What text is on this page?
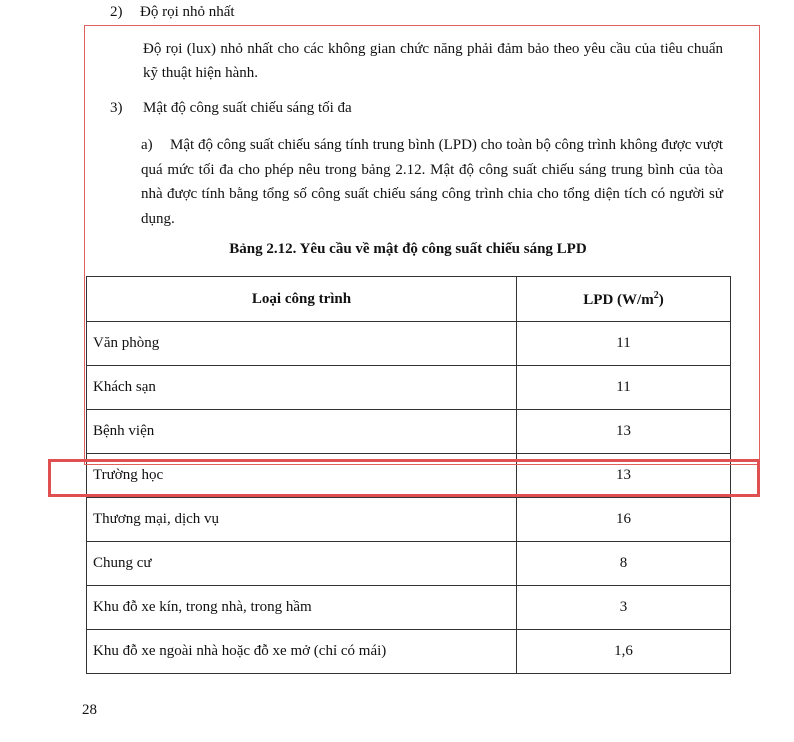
2) Độ rọi nhỏ nhất
Độ rọi (lux) nhỏ nhất cho các không gian chức năng phải đảm bảo theo yêu cầu của tiêu chuẩn kỹ thuật hiện hành.
3) Mật độ công suất chiếu sáng tối đa
a) Mật độ công suất chiếu sáng tính trung bình (LPD) cho toàn bộ công trình không được vượt quá mức tối đa cho phép nêu trong bảng 2.12. Mật độ công suất chiếu sáng trung bình của tòa nhà được tính bằng tổng số công suất chiếu sáng công trình chia cho tổng diện tích có người sử dụng.
Bảng 2.12. Yêu cầu về mật độ công suất chiếu sáng LPD
Loại công trình	LPD $(W/m^2)$
Văn phòng	11
Khách sạn	11
Bệnh viện	13
Trường học	13
Thương mại, dịch vụ	16
Chung cư	8
Khu đỗ xe kín, trong nhà, trong hầm	3
Khu đỗ xe ngoài nhà hoặc đỗ xe mở (chỉ có mái)	1,6
28
